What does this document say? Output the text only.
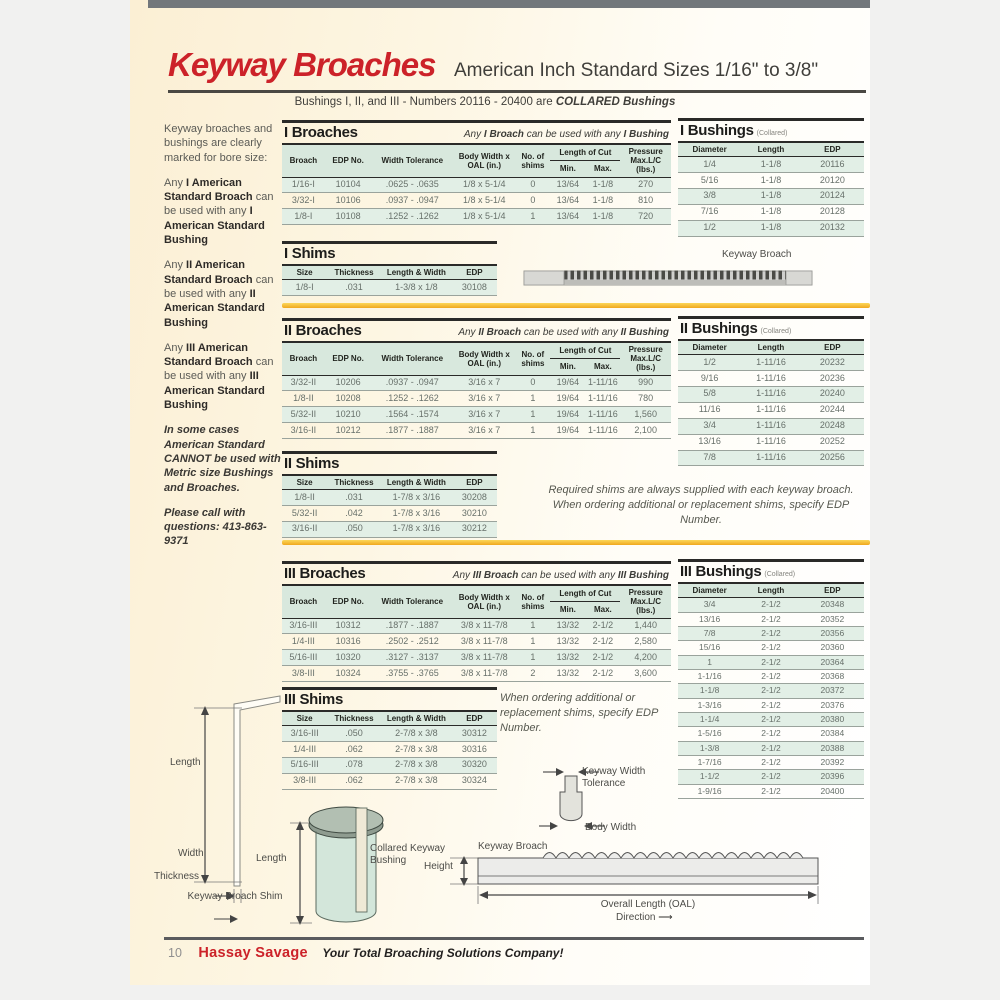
Keyway Broaches American Inch Standard Sizes 1/16" to 3/8"
Bushings I, II, and III - Numbers 20116 - 20400 are COLLARED Bushings

Keyway broaches and bushings are clearly marked for bore size:

Any I American Standard Broach can be used with any I American Standard Bushing

Any II American Standard Broach can be used with any II American Standard Bushing

Any III American Standard Broach can be used with any III American Standard Bushing

In some cases American Standard CANNOT be used with Metric size Bushings and Broaches.

Please call with questions: 413-863-9371

I Broaches	Any I Broach can be used with any I Bushing
Broach	EDP No.	Width Tolerance	Body Width x OAL (in.)	No. of shims	Length of Cut		Pressure Max.L/C (lbs.)
					Min.	Max.	
1/16-I	10104	.0625 - .0635	1/8 x 5-1/4	0	13/64	1-1/8	270
3/32-I	10106	.0937 - .0947	1/8 x 5-1/4	0	13/64	1-1/8	810
1/8-I	10108	.1252 - .1262	1/8 x 5-1/4	1	13/64	1-1/8	720
I Bushings (Collared)
Diameter	Length	EDP
1/4	1-1/8	20116
5/16	1-1/8	20120
3/8	1-1/8	20124
7/16	1-1/8	20128
1/2	1-1/8	20132
I Shims
Size	Thickness	Length & Width	EDP
1/8-I	.031	1-3/8 x 1/8	30108
Keyway Broach
II Broaches	Any II Broach can be used with any II Bushing
Broach	EDP No.	Width Tolerance	Body Width x OAL (in.)	No. of shims	Length of Cut		Pressure Max.L/C (lbs.)
					Min.	Max.	
3/32-II	10206	.0937 - .0947	3/16 x 7	0	19/64	1-11/16	990
1/8-II	10208	.1252 - .1262	3/16 x 7	1	19/64	1-11/16	780
5/32-II	10210	.1564 - .1574	3/16 x 7	1	19/64	1-11/16	1,560
3/16-II	10212	.1877 - .1887	3/16 x 7	1	19/64	1-11/16	2,100
II Bushings (Collared)
Diameter	Length	EDP
1/2	1-11/16	20232
9/16	1-11/16	20236
5/8	1-11/16	20240
11/16	1-11/16	20244
3/4	1-11/16	20248
13/16	1-11/16	20252
7/8	1-11/16	20256
II Shims
Size	Thickness	Length & Width	EDP
1/8-II	.031	1-7/8 x 3/16	30208
5/32-II	.042	1-7/8 x 3/16	30210
3/16-II	.050	1-7/8 x 3/16	30212
Required shims are always supplied with each keyway broach. When ordering additional or replacement shims, specify EDP Number.
III Broaches	Any III Broach can be used with any III Bushing
Broach	EDP No.	Width Tolerance	Body Width x OAL (in.)	No. of shims	Length of Cut		Pressure Max.L/C (lbs.)
					Min.	Max.	
3/16-III	10312	.1877 - .1887	3/8 x 11-7/8	1	13/32	2-1/2	1,440
1/4-III	10316	.2502 - .2512	3/8 x 11-7/8	1	13/32	2-1/2	2,580
5/16-III	10320	.3127 - .3137	3/8 x 11-7/8	1	13/32	2-1/2	4,200
3/8-III	10324	.3755 - .3765	3/8 x 11-7/8	2	13/32	2-1/2	3,600
III Bushings (Collared)
Diameter	Length	EDP
3/4	2-1/2	20348
13/16	2-1/2	20352
7/8	2-1/2	20356
15/16	2-1/2	20360
1	2-1/2	20364
1-1/16	2-1/2	20368
1-1/8	2-1/2	20372
1-3/16	2-1/2	20376
1-1/4	2-1/2	20380
1-5/16	2-1/2	20384
1-3/8	2-1/2	20388
1-7/16	2-1/2	20392
1-1/2	2-1/2	20396
1-9/16	2-1/2	20400
III Shims
Size	Thickness	Length & Width	EDP
3/16-III	.050	2-7/8 x 3/8	30312
1/4-III	.062	2-7/8 x 3/8	30316
5/16-III	.078	2-7/8 x 3/8	30320
3/8-III	.062	2-7/8 x 3/8	30324
When ordering additional or replacement shims, specify EDP Number.
Length
Width
Thickness
Keyway Broach Shim
Length
Collared Keyway Bushing
Keyway Width Tolerance
Body Width
Keyway Broach
Height
Overall Length (OAL)
Direction ⟶
10 Hassay Savage Your Total Broaching Solutions Company!
